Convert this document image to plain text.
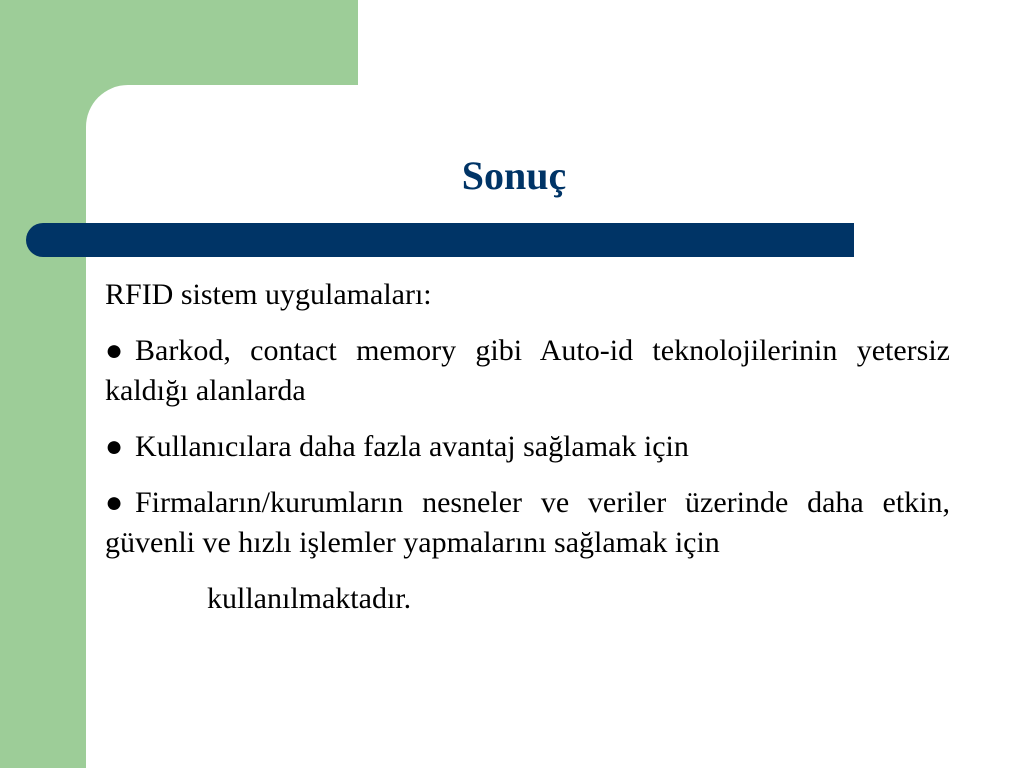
Sonuç

RFID sistem uygulamaları:

● Barkod, contact memory gibi Auto-id teknolojilerinin yetersiz kaldığı alanlarda

● Kullanıcılara daha fazla avantaj sağlamak için

● Firmaların/kurumların nesneler ve veriler üzerinde daha etkin, güvenli ve hızlı işlemler yapmalarını sağlamak için

kullanılmaktadır.
